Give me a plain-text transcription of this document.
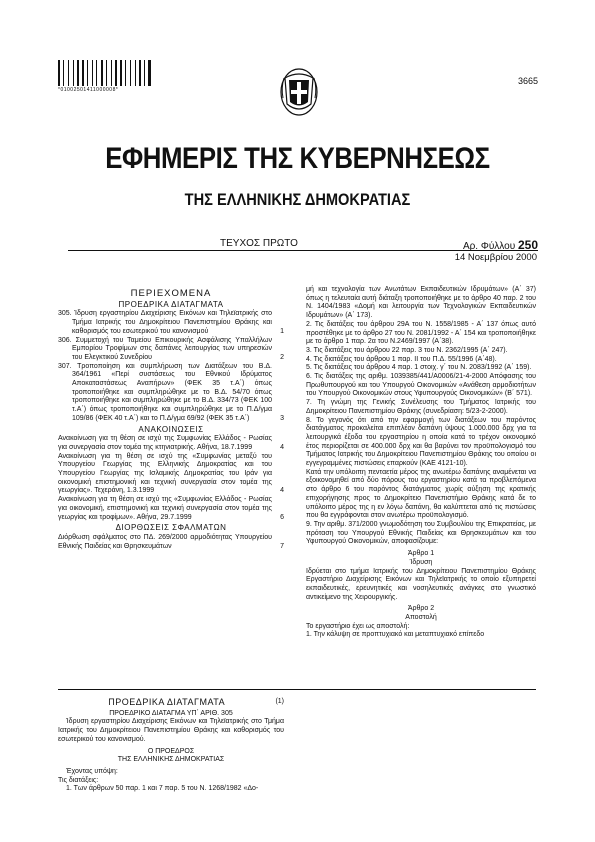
*01002501411000008*
3665
ΕΦΗΜΕΡΙΣ ΤΗΣ ΚΥΒΕΡΝΗΣΕΩΣ
ΤΗΣ ΕΛΛΗΝΙΚΗΣ ΔΗΜΟΚΡΑΤΙΑΣ
ΤΕΥΧΟΣ ΠΡΩΤΟ	Αρ. Φύλλου 250
14 Νοεμβρίου 2000
ΠΕΡΙΕΧΟΜΕΝΑ
ΠΡΟΕΔΡΙΚΑ ΔΙΑΤΑΓΜΑΤΑ
305. Ίδρυση εργαστηρίου Διαχείρισης Εικόνων και Τηλεϊατρικής στο Τμήμα Ιατρικής του Δημοκρίτειου Πανεπιστημίου Θράκης και καθορισμός του εσωτερικού του κανονισμού	1
306. Συμμετοχή του Ταμείου Επικουρικής Ασφάλισης Υπαλλήλων Εμπορίου Τροφίμων στις δαπάνες λειτουργίας των υπηρεσιών του Ελεγκτικού Συνεδρίου	2
307. Τροποποίηση και συμπλήρωση των Διατάξεων του Β.Δ. 364/1961 «Περί συστάσεως του Εθνικού Ιδρύματος Αποκαταστάσεως Αναπήρων» (ΦΕΚ 35 τ.Α΄) όπως τροποποιήθηκε και συμπληρώθηκε με το Β.Δ. 54/70 όπως τροποποιήθηκε και συμπληρώθηκε με το Β.Δ. 334/73 (ΦΕΚ 100 τ.Α΄) όπως τροποποιήθηκε και συμπληρώθηκε με το Π.Δ/γμα 109/86 (ΦΕΚ 40 τ.Α΄) και το Π.Δ/γμα 69/92 (ΦΕΚ 35 τ.Α΄)	3
ΑΝΑΚΟΙΝΩΣΕΙΣ
Ανακοίνωση για τη θέση σε ισχύ της Συμφωνίας Ελλάδος - Ρωσίας για συνεργασία στον τομέα της κτηνιατρικής. Αθήνα, 18.7.1999	4
Ανακοίνωση για τη θέση σε ισχύ της «Συμφωνίας μεταξύ του Υπουργείου Γεωργίας της Ελληνικής Δημοκρατίας και του Υπουργείου Γεωργίας της Ισλαμικής Δημοκρατίας του Ιράν για οικονομική επιστημονική και τεχνική συνεργασία στον τομέα της γεωργίας». Τεχεράνη, 1.3.1999	4
Ανακοίνωση για τη θέση σε ισχύ της «Συμφωνίας Ελλάδος - Ρωσίας για οικονομική, επιστημονική και τεχνική συνεργασία στον τομέα της γεωργίας και τροφίμων». Αθήνα, 29.7.1999	6
ΔΙΟΡΘΩΣΕΙΣ ΣΦΑΛΜΑΤΩΝ
Διόρθωση σφάλματος στο ΠΔ. 269/2000 αρμοδιότητας Υπουργείου Εθνικής Παιδείας και Θρησκευμάτων	7

μή και τεχνολογία των Ανωτάτων Εκπαιδευτικών Ιδρυμάτων» (Α΄ 37) όπως η τελευταία αυτή διάταξη τροποποιήθηκε με το άρθρο 40 παρ. 2 του Ν. 1404/1983 «Δομή και λειτουργία των Τεχνολογικών Εκπαιδευτικών Ιδρυμάτων» (Α΄ 173).

2. Τις διατάξεις του άρθρου 29Α του Ν. 1558/1985 - Α΄ 137 όπως αυτό προστέθηκε με το άρθρο 27 του Ν. 2081/1992 - Α΄ 154 και τροποποιήθηκε με το άρθρο 1 παρ. 2α του Ν.2469/1997 (Α΄38).

3. Τις διατάξεις του άρθρου 22 παρ. 3 του Ν. 2362/1995 (Α΄ 247).

4. Τις διατάξεις του άρθρου 1 παρ. ΙΙ του Π.Δ. 55/1996 (Α΄48).

5. Τις διατάξεις του άρθρου 4 παρ. 1 στοιχ. γ΄ του Ν. 2083/1992 (Α΄ 159).

6. Τις διατάξεις της αριθμ. 1039385/441/Α0006/21-4-2000 Απόφασης του Πρωθυπουργού και του Υπουργού Οικονομικών «Ανάθεση αρμοδιοτήτων του Υπουργού Οικονομικών στους Υφυπουργούς Οικονομικών» (Β΄ 571).

7. Τη γνώμη της Γενικής Συνέλευσης του Τμήματος Ιατρικής του Δημοκρίτειου Πανεπιστημίου Θράκης (συνεδρίαση: 5/23-2-2000).

8. Το γεγονός ότι από την εφαρμογή των διατάξεων του παρόντος διατάγματος προκαλείται επιπλέον δαπάνη ύψους 1.000.000 δρχ για τα λειτουργικά έξοδα του εργαστηρίου η οποία κατά το τρέχον οικονομικό έτος περιορίζεται σε 400.000 δρχ και θα βαρύνει τον προϋπολογισμό του Τμήματος Ιατρικής του Δημοκρίτειου Πανεπιστημίου Θράκης του οποίου οι εγγεγραμμένες πιστώσεις επαρκούν (ΚΑΕ 4121-10).

Κατά την υπόλοιπη πενταετία μέρος της ανωτέρω δαπάνης αναμένεται να εξοικονομηθεί από δύο πόρους του εργαστηρίου κατά τα προβλεπόμενα στο άρθρο 6 του παρόντος διατάγματος χωρίς αύξηση της κρατικής επιχορήγησης προς το Δημοκρίτειο Πανεπιστήμιο Θράκης κατά δε το υπόλοιπο μέρος της η εν λόγω δαπάνη, θα καλύπτεται από τις πιστώσεις που θα εγγράφονται στον ανωτέρω προϋπολογισμό.

9. Την αριθμ. 371/2000 γνωμοδότηση του Συμβουλίου της Επικρατείας, με πρόταση του Υπουργού Εθνικής Παιδείας και Θρησκευμάτων και του Υφυπουργού Οικονομικών, αποφασίζουμε:

Άρθρο 1
Ίδρυση

Ιδρύεται στο τμήμα Ιατρικής του Δημοκρίτειου Πανεπιστημίου Θράκης Εργαστήριο Διαχείρισης Εικόνων και Τηλεϊατρικής το οποίο εξυπηρετεί εκπαιδευτικές, ερευνητικές και νοσηλευτικές ανάγκες στο γνωστικό αντικείμενο της Χειρουργικής.

Άρθρο 2
Αποστολή

Το εργαστήριο έχει ως αποστολή:

1. Την κάλυψη σε προπτυχιακό και μεταπτυχιακό επίπεδο

ΠΡΟΕΔΡΙΚΑ ΔΙΑΤΑΓΜΑΤΑ	(1)
ΠΡΟΕΔΡΙΚΟ ΔΙΑΤΑΓΜΑ ΥΠ΄ ΑΡΙΘ. 305

Ίδρυση εργαστηρίου Διαχείρισης Εικόνων και Τηλεϊατρικής στο Τμήμα Ιατρικής του Δημοκρίτειου Πανεπιστημίου Θράκης και καθορισμός του εσωτερικού του κανονισμού.

Ο ΠΡΟΕΔΡΟΣ
ΤΗΣ ΕΛΛΗΝΙΚΗΣ ΔΗΜΟΚΡΑΤΙΑΣ

Έχοντας υπόψη:

Τις διατάξεις:

1. Των άρθρων 50 παρ. 1 και 7 παρ. 5 του Ν. 1268/1982 «Δο-
